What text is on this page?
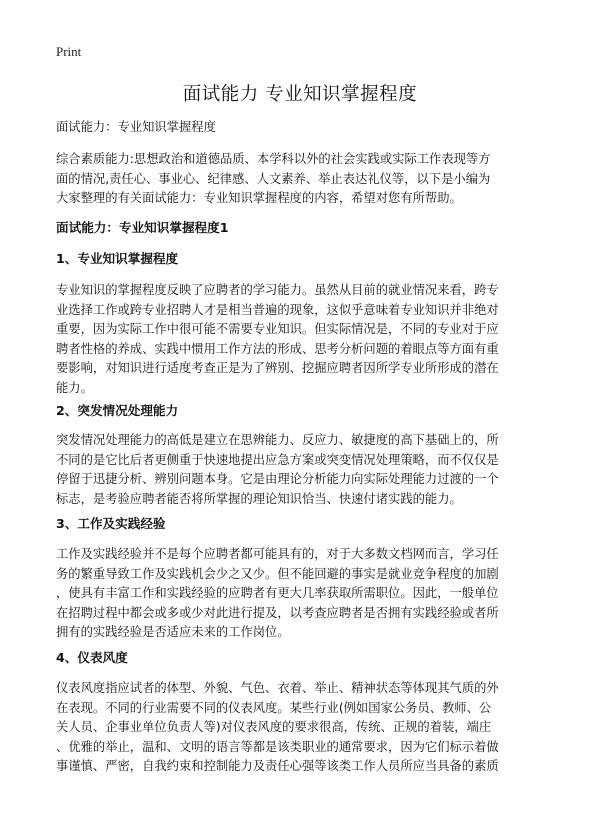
Print
面试能力 专业知识掌握程度

面试能力：专业知识掌握程度

综合素质能力:思想政治和道德品质、本学科以外的社会实践或实际工作表现等方
面的情况,责任心、事业心、纪律感、人文素养、举止表达礼仪等，以下是小编为
大家整理的有关面试能力：专业知识掌握程度的内容，希望对您有所帮助。

面试能力：专业知识掌握程度1

1、专业知识掌握程度

专业知识的掌握程度反映了应聘者的学习能力。虽然从目前的就业情况来看，跨专
业选择工作或跨专业招聘人才是相当普遍的现象，这似乎意味着专业知识并非绝对
重要，因为实际工作中很可能不需要专业知识。但实际情况是，不同的专业对于应
聘者性格的养成、实践中惯用工作方法的形成、思考分析问题的着眼点等方面有重
要影响，对知识进行适度考查正是为了辨别、挖掘应聘者因所学专业所形成的潜在
能力。

2、突发情况处理能力

突发情况处理能力的高低是建立在思辨能力、反应力、敏捷度的高下基础上的，所
不同的是它比后者更侧重于快速地提出应急方案或突变情况处理策略，而不仅仅是
停留于迅捷分析、辨别问题本身。它是由理论分析能力向实际处理能力过渡的一个
标志，是考验应聘者能否将所掌握的理论知识恰当、快速付诸实践的能力。

3、工作及实践经验

工作及实践经验并不是每个应聘者都可能具有的，对于大多数文档网而言，学习任
务的繁重导致工作及实践机会少之又少。但不能回避的事实是就业竞争程度的加剧
，使具有丰富工作和实践经验的应聘者有更大几率获取所需职位。因此，一般单位
在招聘过程中都会或多或少对此进行提及，以考查应聘者是否拥有实践经验或者所
拥有的实践经验是否适应未来的工作岗位。

4、仪表风度

仪表风度指应试者的体型、外貌、气色、衣着、举止、精神状态等体现其气质的外
在表现。不同的行业需要不同的仪表风度。某些行业(例如国家公务员、教师、公
关人员、企事业单位负责人等)对仪表风度的要求很高，传统、正规的着装，端庄
、优雅的举止，温和、文明的语言等都是该类职业的通常要求，因为它们标示着做
事谨慎、严密，自我约束和控制能力及责任心强等该类工作人员所应当具备的素质
